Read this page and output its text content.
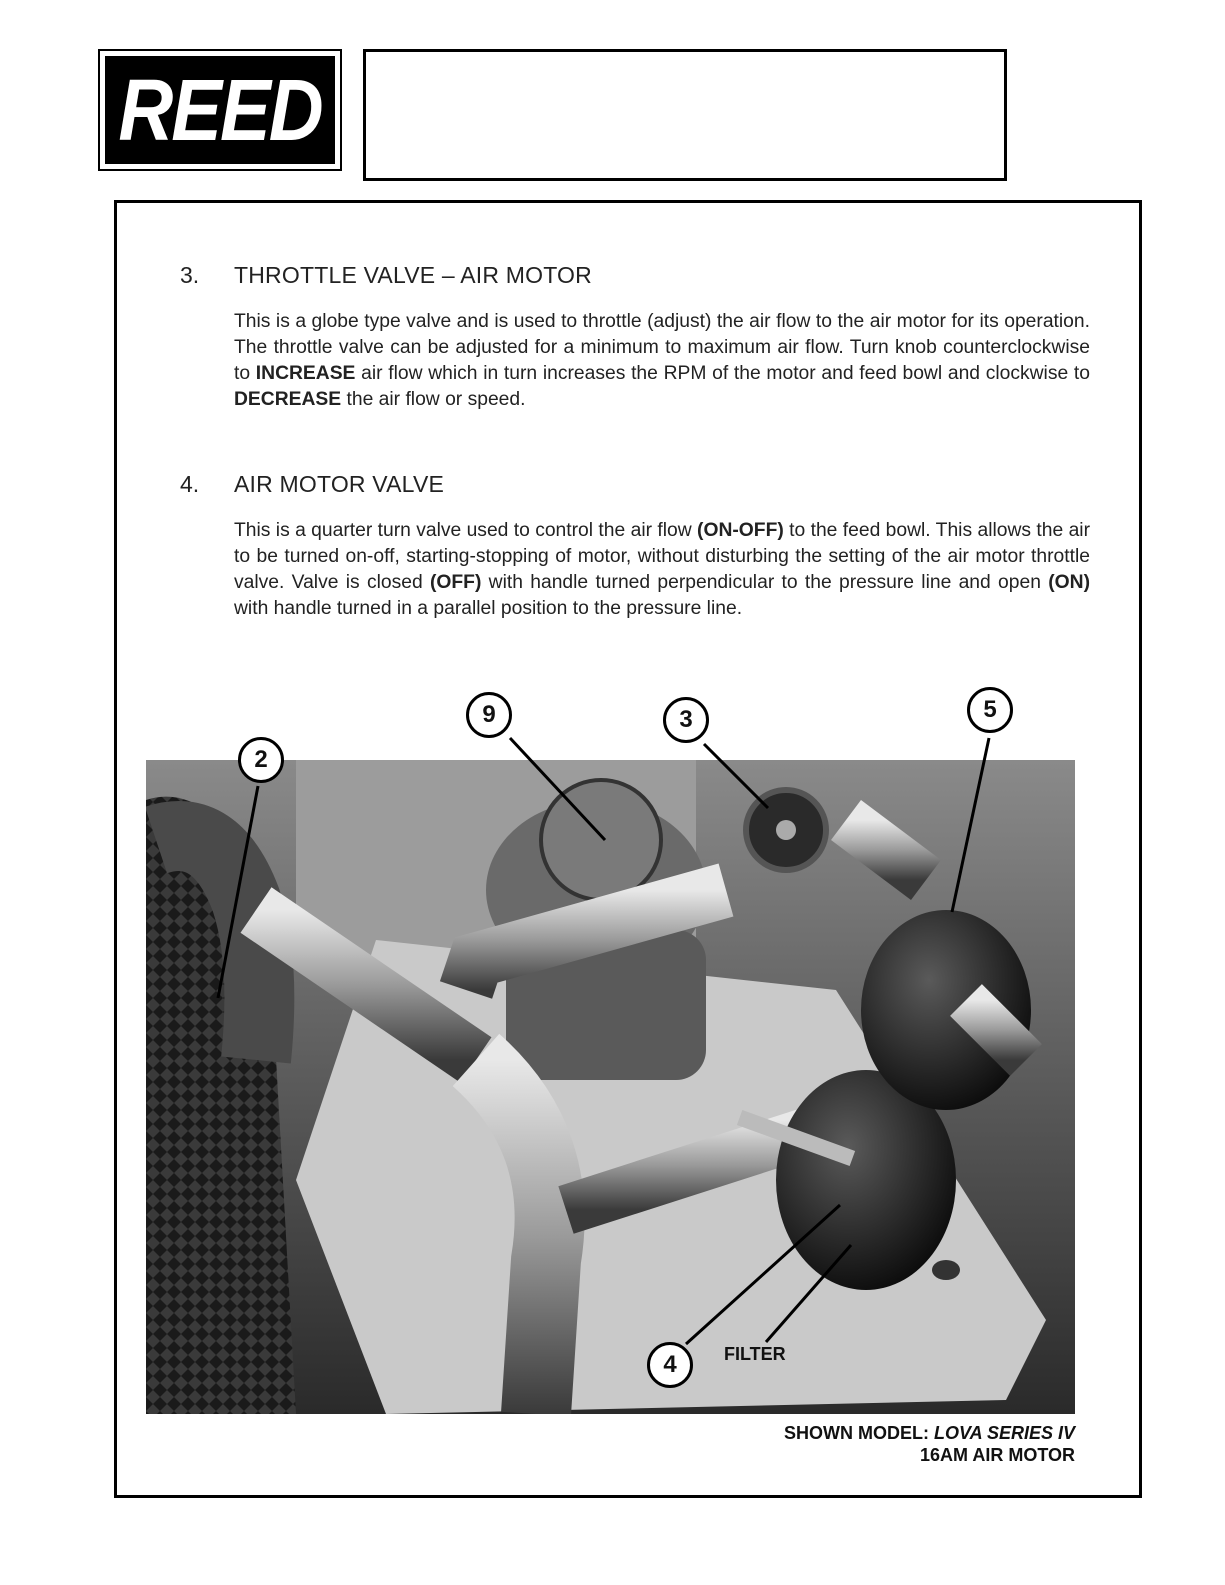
REED
3.	THROTTLE VALVE – AIR MOTOR
This is a globe type valve and is used to throttle (adjust) the air flow to the air motor for its operation. The throttle valve can be adjusted for a minimum to maximum air flow. Turn knob counterclockwise to INCREASE air flow which in turn increases the RPM of the motor and feed bowl and clockwise to DECREASE the air flow or speed.
4.	AIR MOTOR VALVE
This is a quarter turn valve used to control the air flow (ON-OFF) to the feed bowl. This allows the air to be turned on-off, starting-stopping of motor, without disturbing the setting of the air motor throttle valve. Valve is closed (OFF) with handle turned perpendicular to the pressure line and open (ON) with handle turned in a parallel position to the pressure line.
9	3	5
2
4	FILTER
SHOWN MODEL: LOVA SERIES IV
16AM AIR MOTOR
